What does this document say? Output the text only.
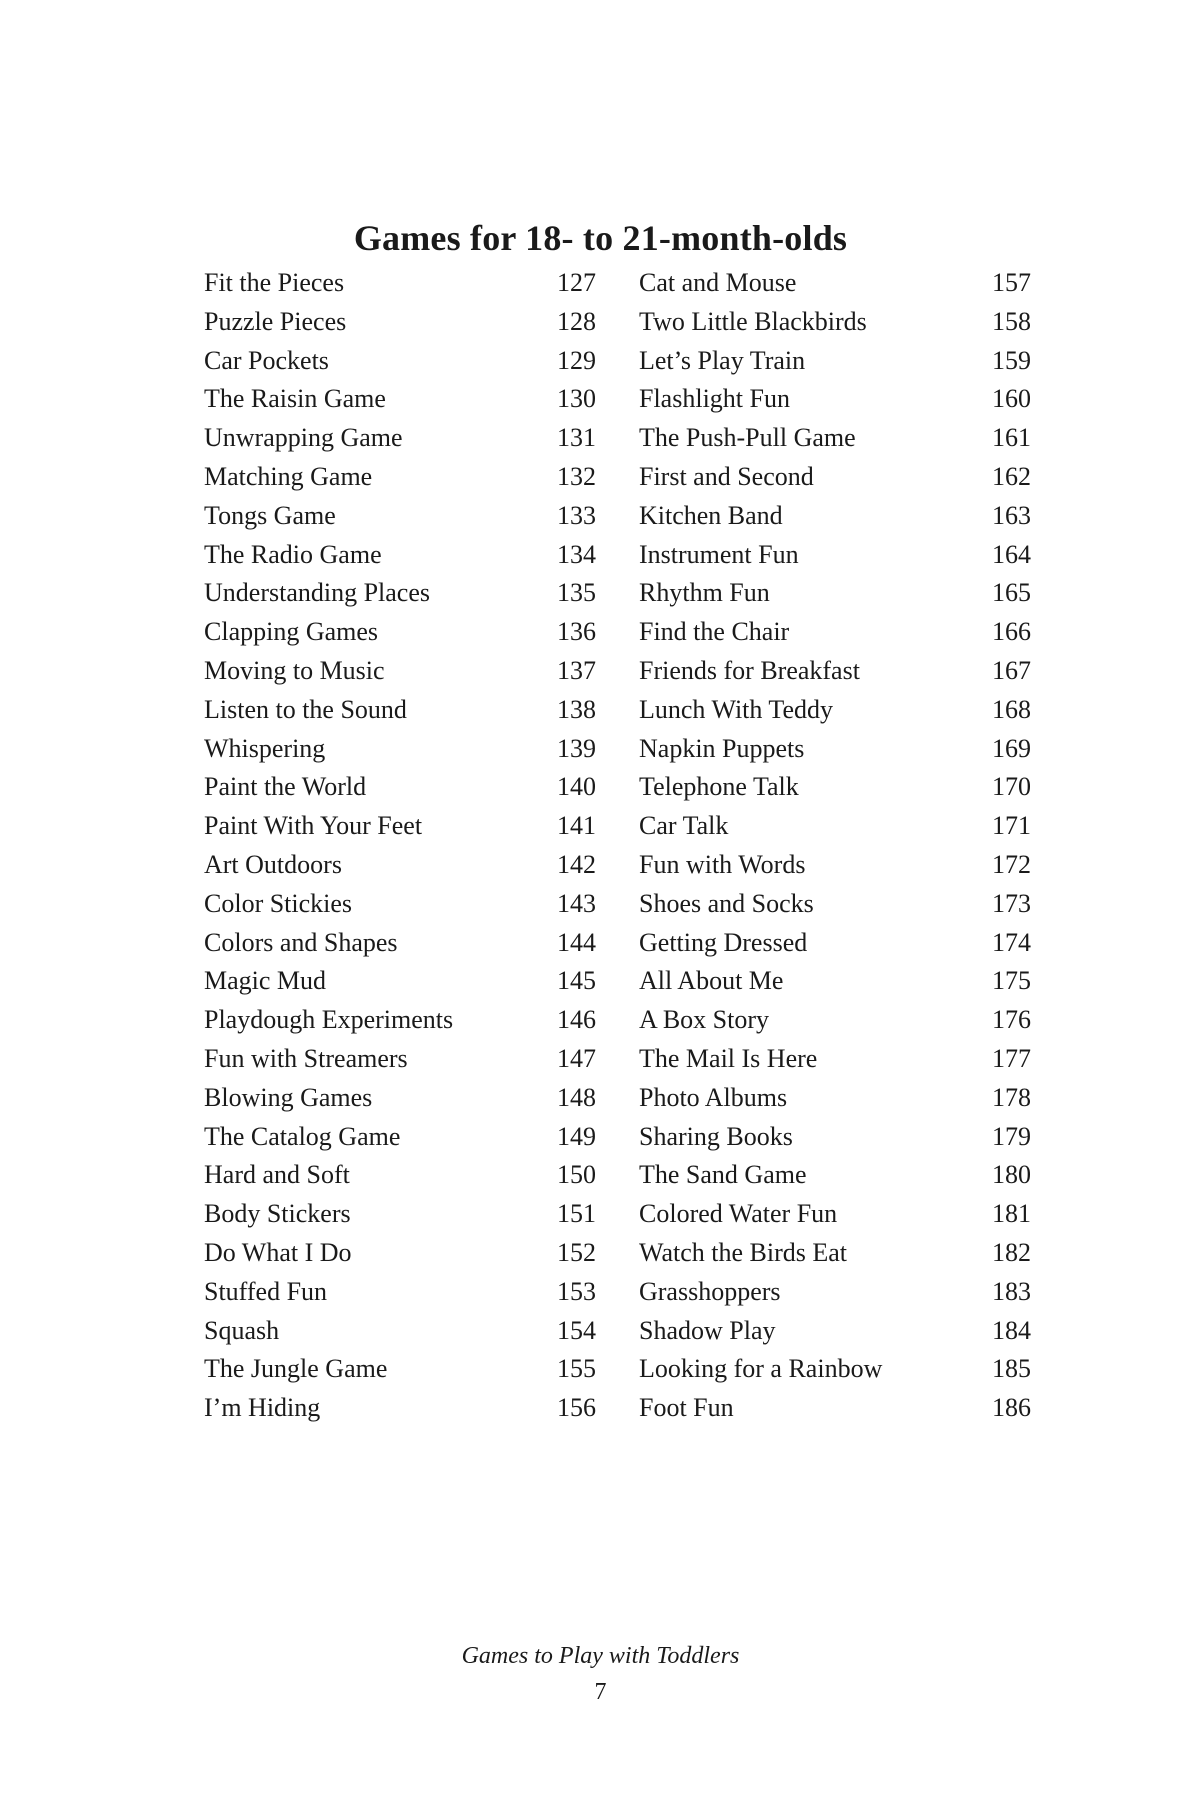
Games for 18- to 21-month-olds
Fit the Pieces	127
Puzzle Pieces	128
Car Pockets	129
The Raisin Game	130
Unwrapping Game	131
Matching Game	132
Tongs Game	133
The Radio Game	134
Understanding Places	135
Clapping Games	136
Moving to Music	137
Listen to the Sound	138
Whispering	139
Paint the World	140
Paint With Your Feet	141
Art Outdoors	142
Color Stickies	143
Colors and Shapes	144
Magic Mud	145
Playdough Experiments	146
Fun with Streamers	147
Blowing Games	148
The Catalog Game	149
Hard and Soft	150
Body Stickers	151
Do What I Do	152
Stuffed Fun	153
Squash	154
The Jungle Game	155
I’m Hiding	156
Cat and Mouse	157
Two Little Blackbirds	158
Let’s Play Train	159
Flashlight Fun	160
The Push-Pull Game	161
First and Second	162
Kitchen Band	163
Instrument Fun	164
Rhythm Fun	165
Find the Chair	166
Friends for Breakfast	167
Lunch With Teddy	168
Napkin Puppets	169
Telephone Talk	170
Car Talk	171
Fun with Words	172
Shoes and Socks	173
Getting Dressed	174
All About Me	175
A Box Story	176
The Mail Is Here	177
Photo Albums	178
Sharing Books	179
The Sand Game	180
Colored Water Fun	181
Watch the Birds Eat	182
Grasshoppers	183
Shadow Play	184
Looking for a Rainbow	185
Foot Fun	186
Games to Play with Toddlers
7
